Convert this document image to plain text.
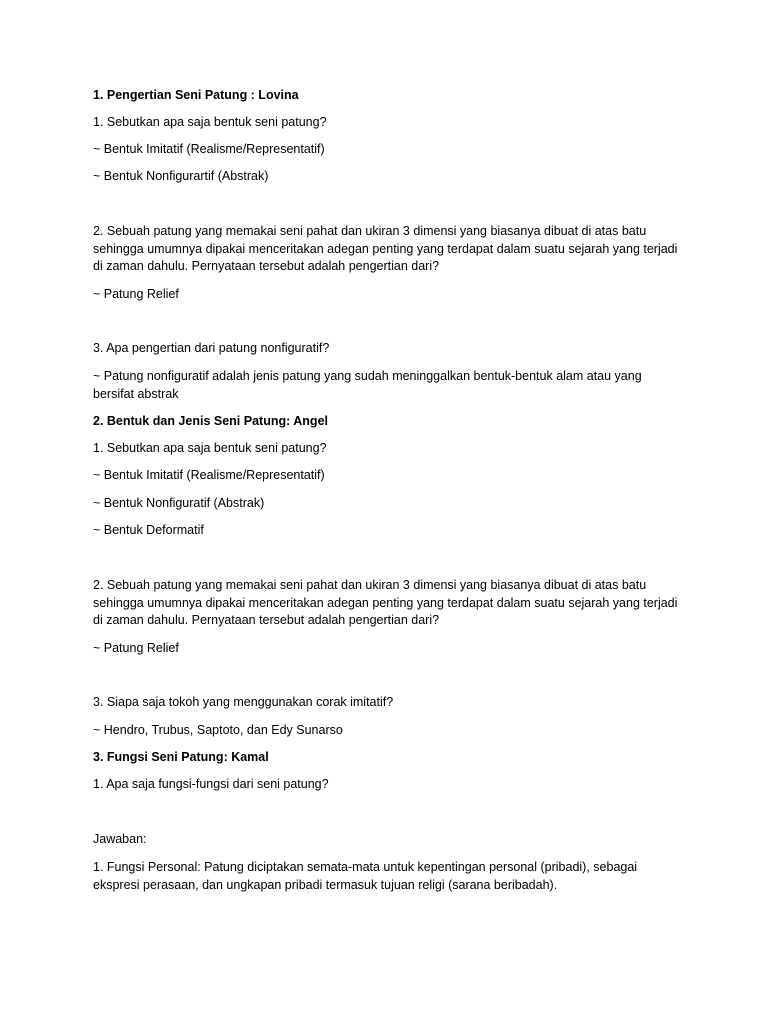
1. Pengertian Seni Patung : Lovina
1. Sebutkan apa saja bentuk seni patung?
~ Bentuk Imitatif (Realisme/Representatif)
~ Bentuk Nonfigurartif (Abstrak)
2. Sebuah patung yang memakai seni pahat dan ukiran 3 dimensi yang biasanya dibuat di atas batu sehingga umumnya dipakai menceritakan adegan penting yang terdapat dalam suatu sejarah yang terjadi di zaman dahulu. Pernyataan tersebut adalah pengertian dari?
~ Patung Relief
3. Apa pengertian dari patung nonfiguratif?
~ Patung nonfiguratif adalah jenis patung yang sudah meninggalkan bentuk-bentuk alam atau yang bersifat abstrak
2. Bentuk dan Jenis Seni Patung: Angel
1. Sebutkan apa saja bentuk seni patung?
~ Bentuk Imitatif (Realisme/Representatif)
~ Bentuk Nonfiguratif (Abstrak)
~ Bentuk Deformatif
2. Sebuah patung yang memakai seni pahat dan ukiran 3 dimensi yang biasanya dibuat di atas batu sehingga umumnya dipakai menceritakan adegan penting yang terdapat dalam suatu sejarah yang terjadi di zaman dahulu. Pernyataan tersebut adalah pengertian dari?
~ Patung Relief
3. Siapa saja tokoh yang menggunakan corak imitatif?
~ Hendro, Trubus, Saptoto, dan Edy Sunarso
3. Fungsi Seni Patung: Kamal
1. Apa saja fungsi-fungsi dari seni patung?
Jawaban:
1. Fungsi Personal: Patung diciptakan semata-mata untuk kepentingan personal (pribadi), sebagai ekspresi perasaan, dan ungkapan pribadi termasuk tujuan religi (sarana beribadah).
